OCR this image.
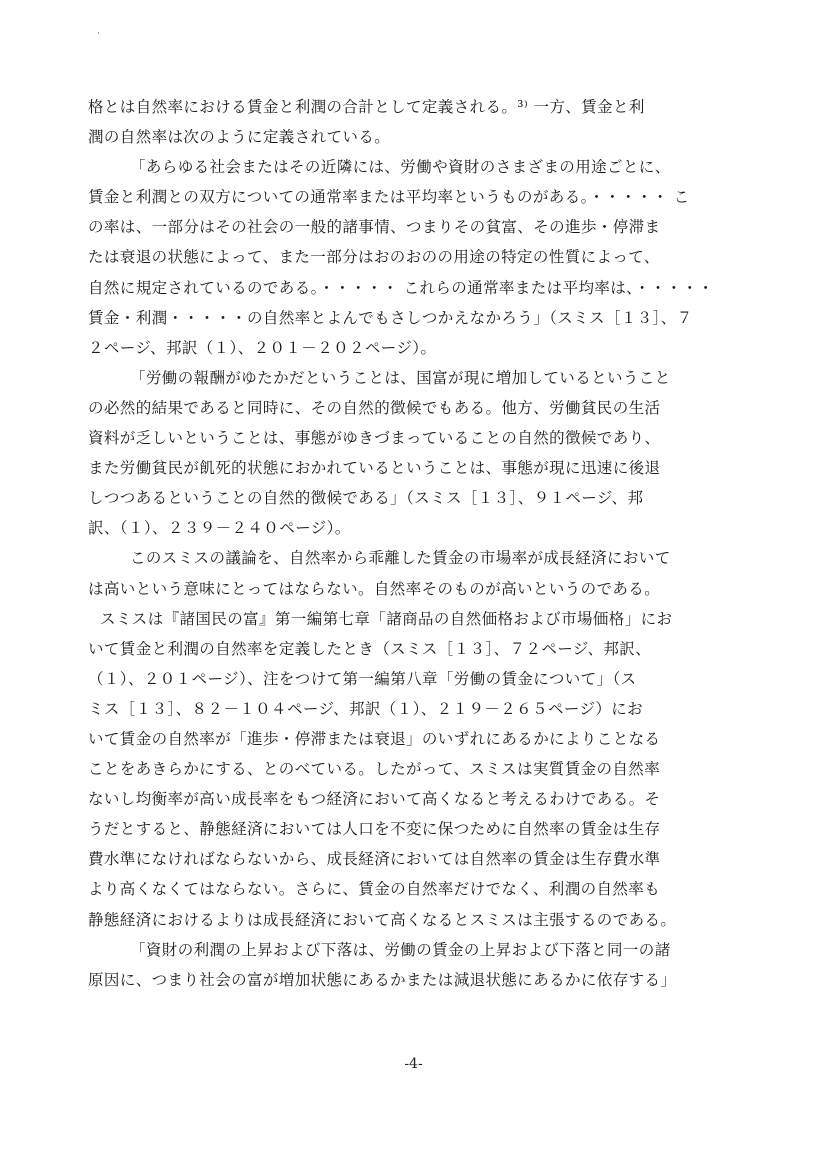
·
格とは自然率における賃金と利潤の合計として定義される。³⁾ 一方、賃金と利
潤の自然率は次のように定義されている。
「あらゆる社会またはその近隣には、労働や資財のさまざまの用途ごとに、
賃金と利潤との双方についての通常率または平均率というものがある。・・・・・ こ
の率は、一部分はその社会の一般的諸事情、つまりその貧富、その進歩・停滞ま
たは衰退の状態によって、また一部分はおのおのの用途の特定の性質によって、
自然に規定されているのである。・・・・・ これらの通常率または平均率は、・・・・・
賃金・利潤・・・・・の自然率とよんでもさしつかえなかろう」（スミス［１３］、７
２ページ、邦訳（１）、２０１－２０２ページ）。
「労働の報酬がゆたかだということは、国富が現に増加しているということ
の必然的結果であると同時に、その自然的徴候でもある。他方、労働貧民の生活
資料が乏しいということは、事態がゆきづまっていることの自然的徴候であり、
また労働貧民が飢死的状態におかれているということは、事態が現に迅速に後退
しつつあるということの自然的徴候である」（スミス［１３］、９１ページ、邦
訳、（１）、２３９－２４０ページ）。
このスミスの議論を、自然率から乖離した賃金の市場率が成長経済において
は高いという意味にとってはならない。自然率そのものが高いというのである。
スミスは『諸国民の富』第一編第七章「諸商品の自然価格および市場価格」にお
いて賃金と利潤の自然率を定義したとき（スミス［１３］、７２ページ、邦訳、
（１）、２０１ページ）、注をつけて第一編第八章「労働の賃金について」（ス
ミス［１３］、８２－１０４ページ、邦訳（１）、２１９－２６５ページ）にお
いて賃金の自然率が「進歩・停滞または衰退」のいずれにあるかによりことなる
ことをあきらかにする、とのべている。したがって、スミスは実質賃金の自然率
ないし均衡率が高い成長率をもつ経済において高くなると考えるわけである。そ
うだとすると、静態経済においては人口を不変に保つために自然率の賃金は生存
費水準になければならないから、成長経済においては自然率の賃金は生存費水準
より高くなくてはならない。さらに、賃金の自然率だけでなく、利潤の自然率も
静態経済におけるよりは成長経済において高くなるとスミスは主張するのである。
「資財の利潤の上昇および下落は、労働の賃金の上昇および下落と同一の諸
原因に、つまり社会の富が増加状態にあるかまたは減退状態にあるかに依存する」
-4-
